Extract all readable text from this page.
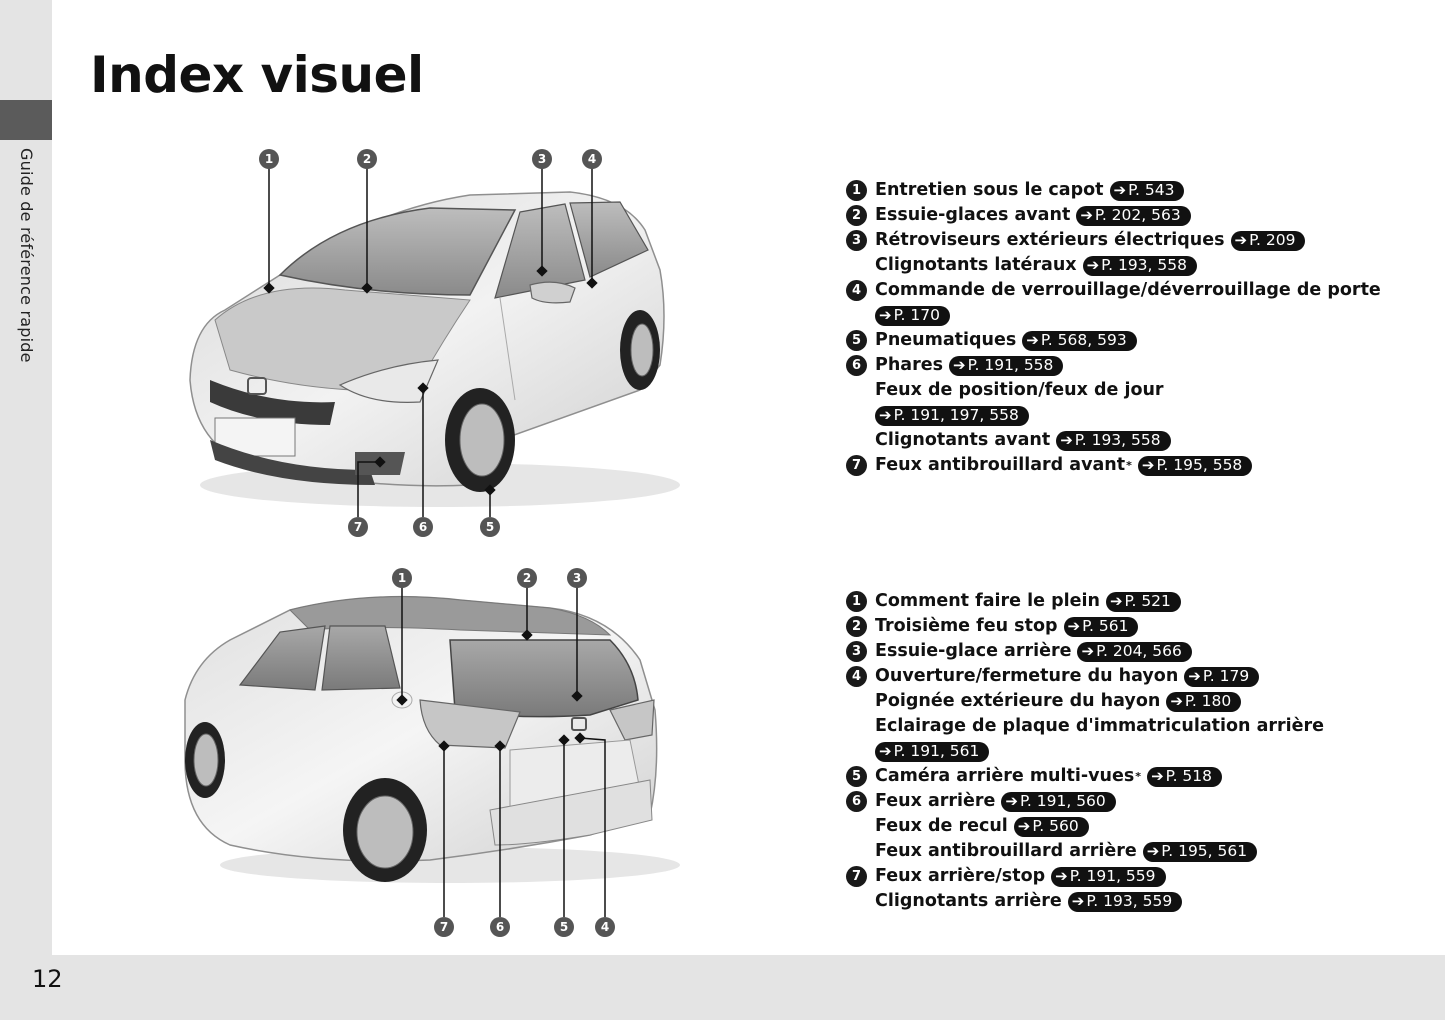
Guide de référence rapide
12
Index visuel
1	2	3	4
7	6	5
1	2	3
7	6	5	4
1 Entretien sous le capot ➔ P. 543
2 Essuie-glaces avant ➔ P. 202, 563
3 Rétroviseurs extérieurs électriques ➔ P. 209
Clignotants latéraux ➔ P. 193, 558
4 Commande de verrouillage/déverrouillage de porte
➔ P. 170
5 Pneumatiques ➔ P. 568, 593
6 Phares ➔ P. 191, 558
Feux de position/feux de jour
➔ P. 191, 197, 558
Clignotants avant ➔ P. 193, 558
7 Feux antibrouillard avant * ➔ P. 195, 558
1 Comment faire le plein ➔ P. 521
2 Troisième feu stop ➔ P. 561
3 Essuie-glace arrière ➔ P. 204, 566
4 Ouverture/fermeture du hayon ➔ P. 179
Poignée extérieure du hayon ➔ P. 180
Eclairage de plaque d'immatriculation arrière
➔ P. 191, 561
5 Caméra arrière multi-vues * ➔ P. 518
6 Feux arrière ➔ P. 191, 560
Feux de recul ➔ P. 560
Feux antibrouillard arrière ➔ P. 195, 561
7 Feux arrière/stop ➔ P. 191, 559
Clignotants arrière ➔ P. 193, 559
